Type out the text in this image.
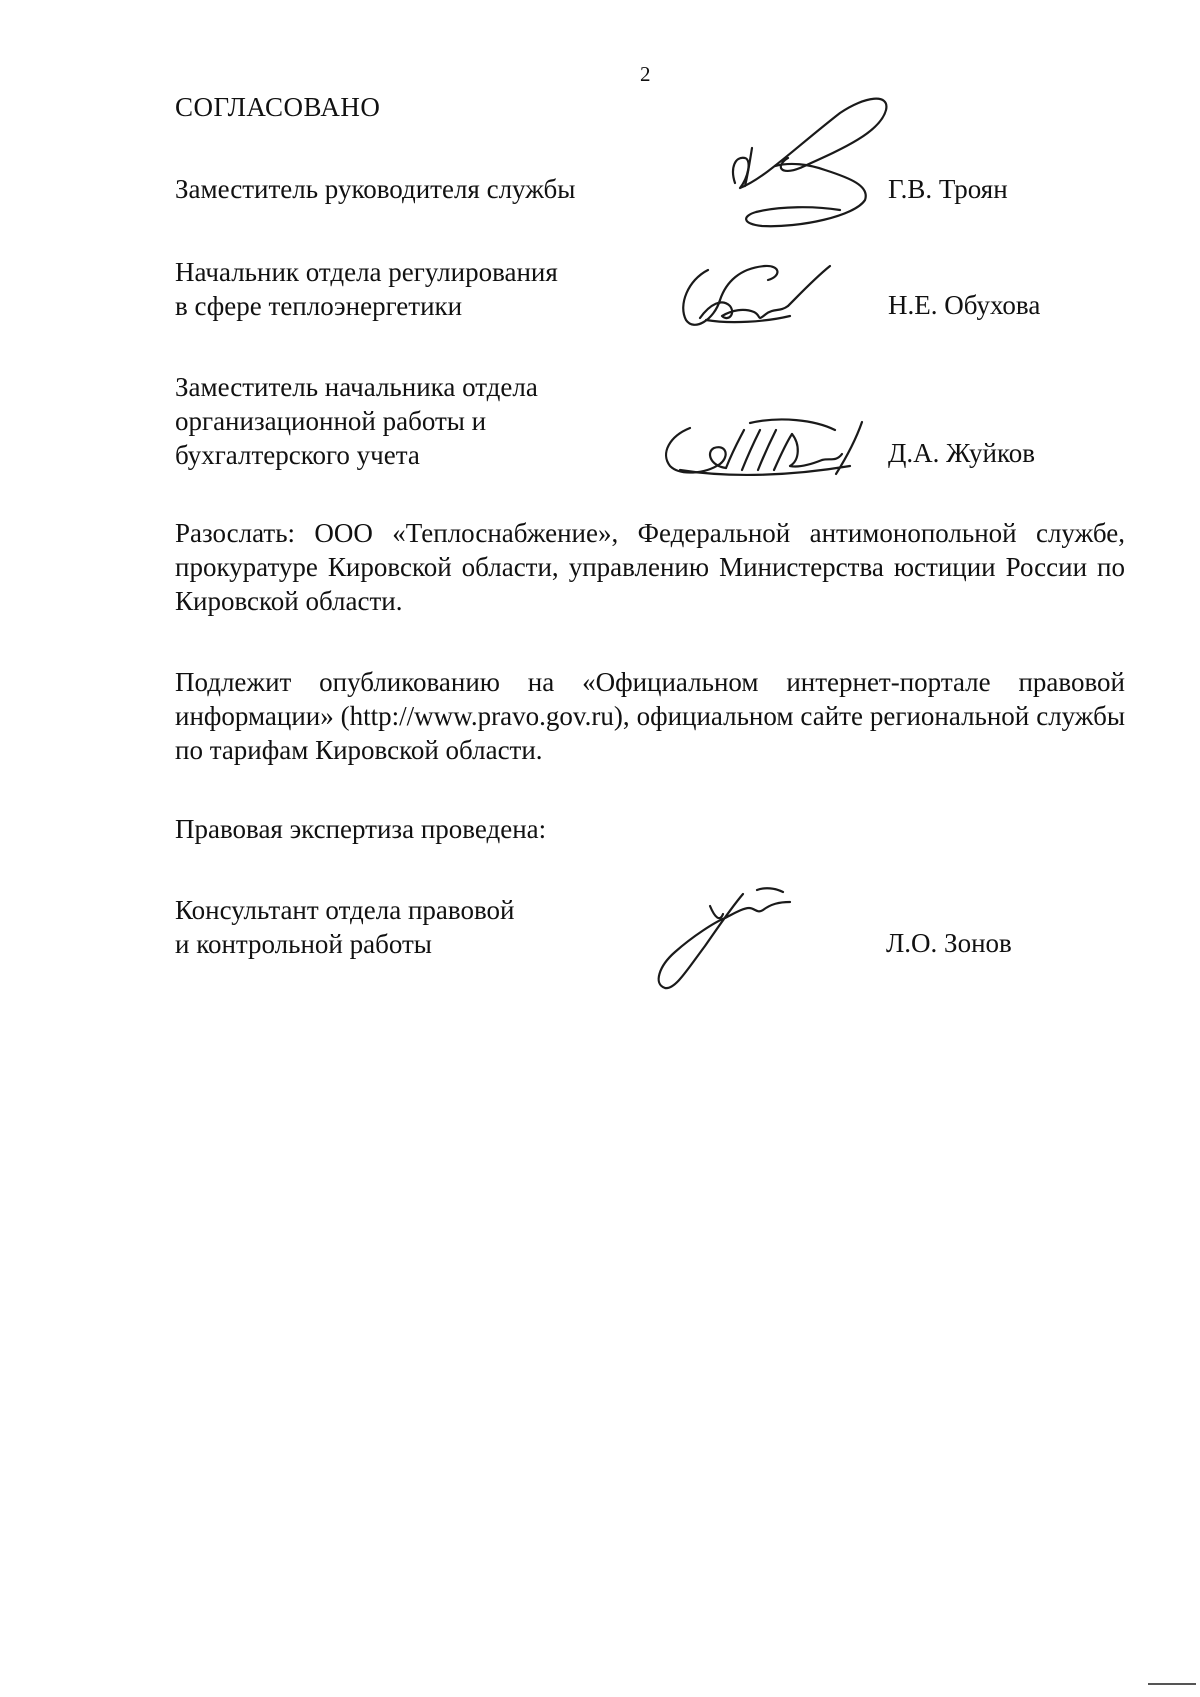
2
СОГЛАСОВАНО
Заместитель руководителя службы	Г.В. Троян
Начальник отдела регулирования
в сфере теплоэнергетики	Н.Е. Обухова
Заместитель начальника отдела
организационной работы и
бухгалтерского учета	Д.А. Жуйков
Разослать: ООО «Теплоснабжение», Федеральной антимонопольной службе, прокуратуре Кировской области, управлению Министерства юстиции России по Кировской области.
Подлежит опубликованию на «Официальном интернет-портале правовой информации» (http://www.pravo.gov.ru), официальном сайте региональной службы по тарифам Кировской области.
Правовая экспертиза проведена:
Консультант отдела правовой
и контрольной работы	Л.О. Зонов
